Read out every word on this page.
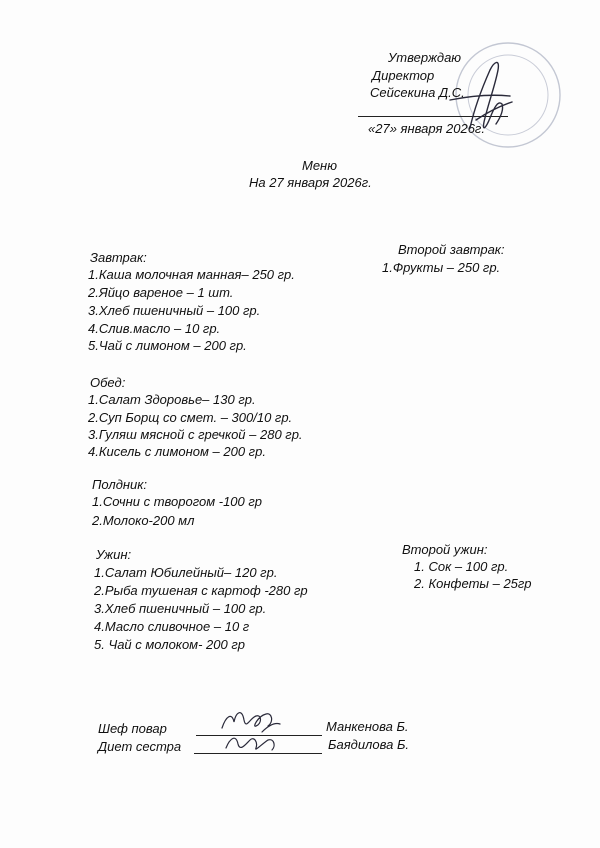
Утверждаю
Директор
Сейсекина Д.С.
«27» января 2026г.
Меню
На 27 января 2026г.
Завтрак:
1.Каша молочная манная– 250 гр.
2.Яйцо вареное – 1 шт.
3.Хлеб пшеничный – 100 гр.
4.Слив.масло – 10 гр.
5.Чай с лимоном – 200 гр.
Второй завтрак:
1.Фрукты – 250 гр.
Обед:
1.Салат Здоровье– 130 гр.
2.Суп Борщ со смет. – 300/10 гр.
3.Гуляш мясной с гречкой – 280 гр.
4.Кисель с лимоном – 200 гр.
Полдник:
1.Сочни с творогом -100 гр
2.Молоко-200 мл
Ужин:
1.Салат Юбилейный– 120 гр.
2.Рыба тушеная с картоф -280 гр
3.Хлеб пшеничный – 100 гр.
4.Масло сливочное – 10 г
5. Чай с молоком- 200 гр
Второй ужин:
1. Сок – 100 гр.
2. Конфеты – 25гр
Шеф повар	Манкенова Б.
Диет сестра	Баядилова Б.
